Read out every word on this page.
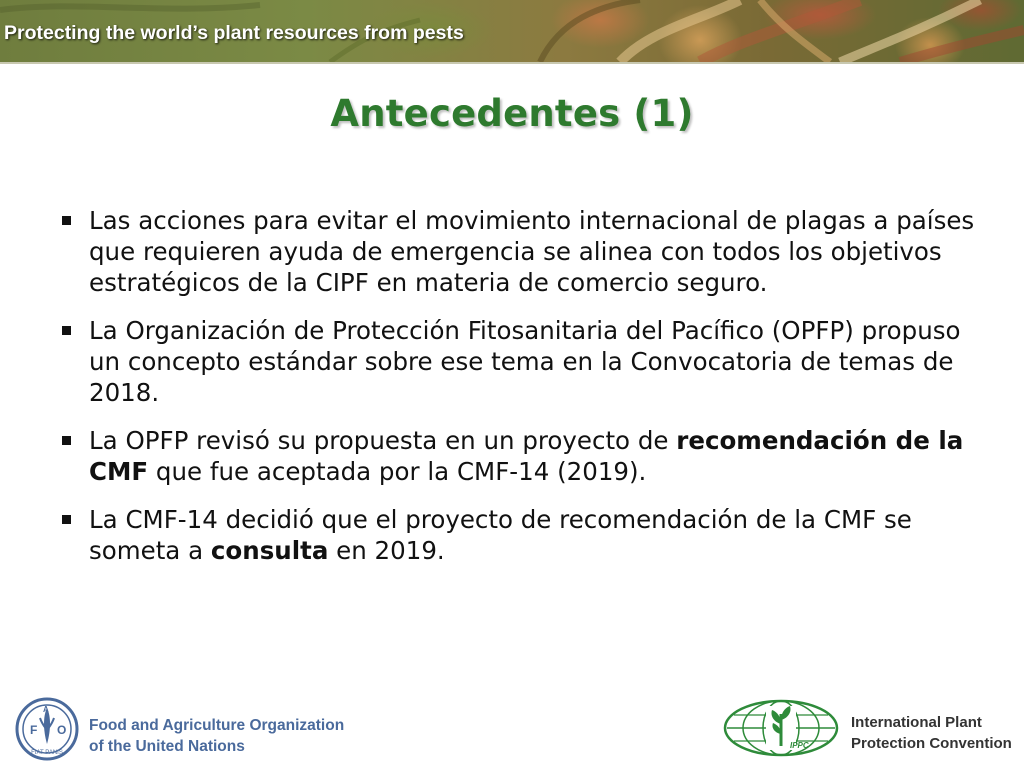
Protecting the world’s plant resources from pests
Antecedentes (1)
Las acciones para evitar el movimiento internacional de plagas a países que requieren ayuda de emergencia se alinea con todos los objetivos estratégicos de la CIPF en materia de comercio seguro.
La Organización de Protección Fitosanitaria del Pacífico (OPFP) propuso un concepto estándar sobre ese tema en la Convocatoria de temas de 2018.
La OPFP revisó su propuesta en un proyecto de recomendación de la CMF que fue aceptada por la CMF-14 (2019).
La CMF-14 decidió que el proyecto de recomendación de la CMF se someta a consulta en 2019.
F
A
O
FIAT PANIS
Food and Agriculture Organization
of the United Nations	IPPC
International Plant
Protection Convention
